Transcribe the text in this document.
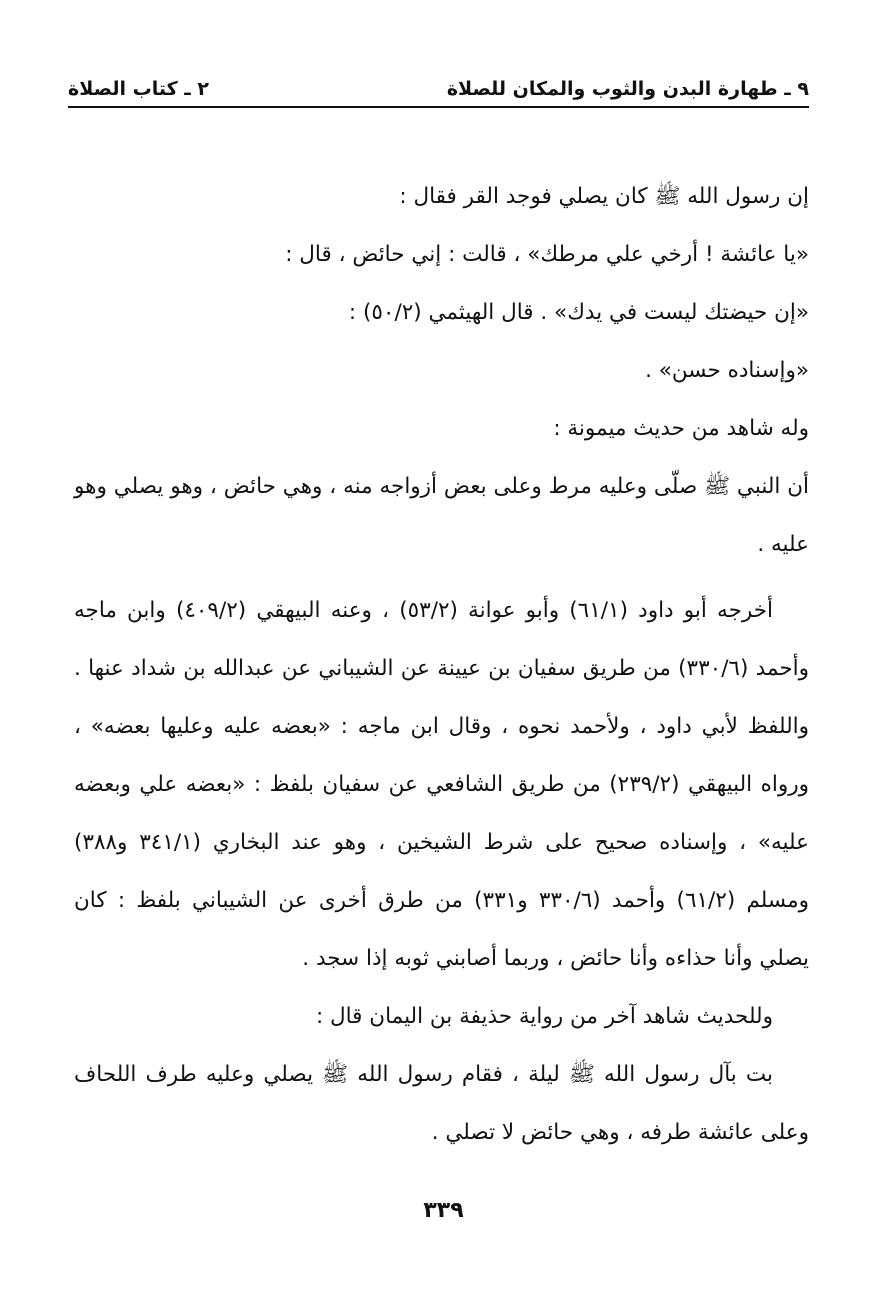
٢ ـ كتاب الصلاة	٩ ـ طهارة البدن والثوب والمكان للصلاة

إن رسول الله ﷺ كان يصلي فوجد القر فقال :

«يا عائشة ! أرخي علي مرطك» ، قالت : إني حائض ، قال :

«إن حيضتك ليست في يدك» . قال الهيثمي (٥٠/٢) :

«وإسناده حسن» .

وله شاهد من حديث ميمونة :

أن النبي ﷺ صلّى وعليه مرط وعلى بعض أزواجه منه ، وهي حائض ، وهو يصلي وهو عليه .

أخرجه أبو داود (٦١/١) وأبو عوانة (٥٣/٢) ، وعنه البيهقي (٤٠٩/٢) وابن ماجه وأحمد (٣٣٠/٦) من طريق سفيان بن عيينة عن الشيباني عن عبدالله بن شداد عنها . واللفظ لأبي داود ، ولأحمد نحوه ، وقال ابن ماجه : «بعضه عليه وعليها بعضه» ، ورواه البيهقي (٢٣٩/٢) من طريق الشافعي عن سفيان بلفظ : «بعضه علي وبعضه عليه» ، وإسناده صحيح على شرط الشيخين ، وهو عند البخاري (٣٤١/١ و٣٨٨) ومسلم (٦١/٢) وأحمد (٣٣٠/٦ و٣٣١) من طرق أخرى عن الشيباني بلفظ : كان يصلي وأنا حذاءه وأنا حائض ، وربما أصابني ثوبه إذا سجد .

وللحديث شاهد آخر من رواية حذيفة بن اليمان قال :

بت بآل رسول الله ﷺ ليلة ، فقام رسول الله ﷺ يصلي وعليه طرف اللحاف وعلى عائشة طرفه ، وهي حائض لا تصلي .

٣٣٩
